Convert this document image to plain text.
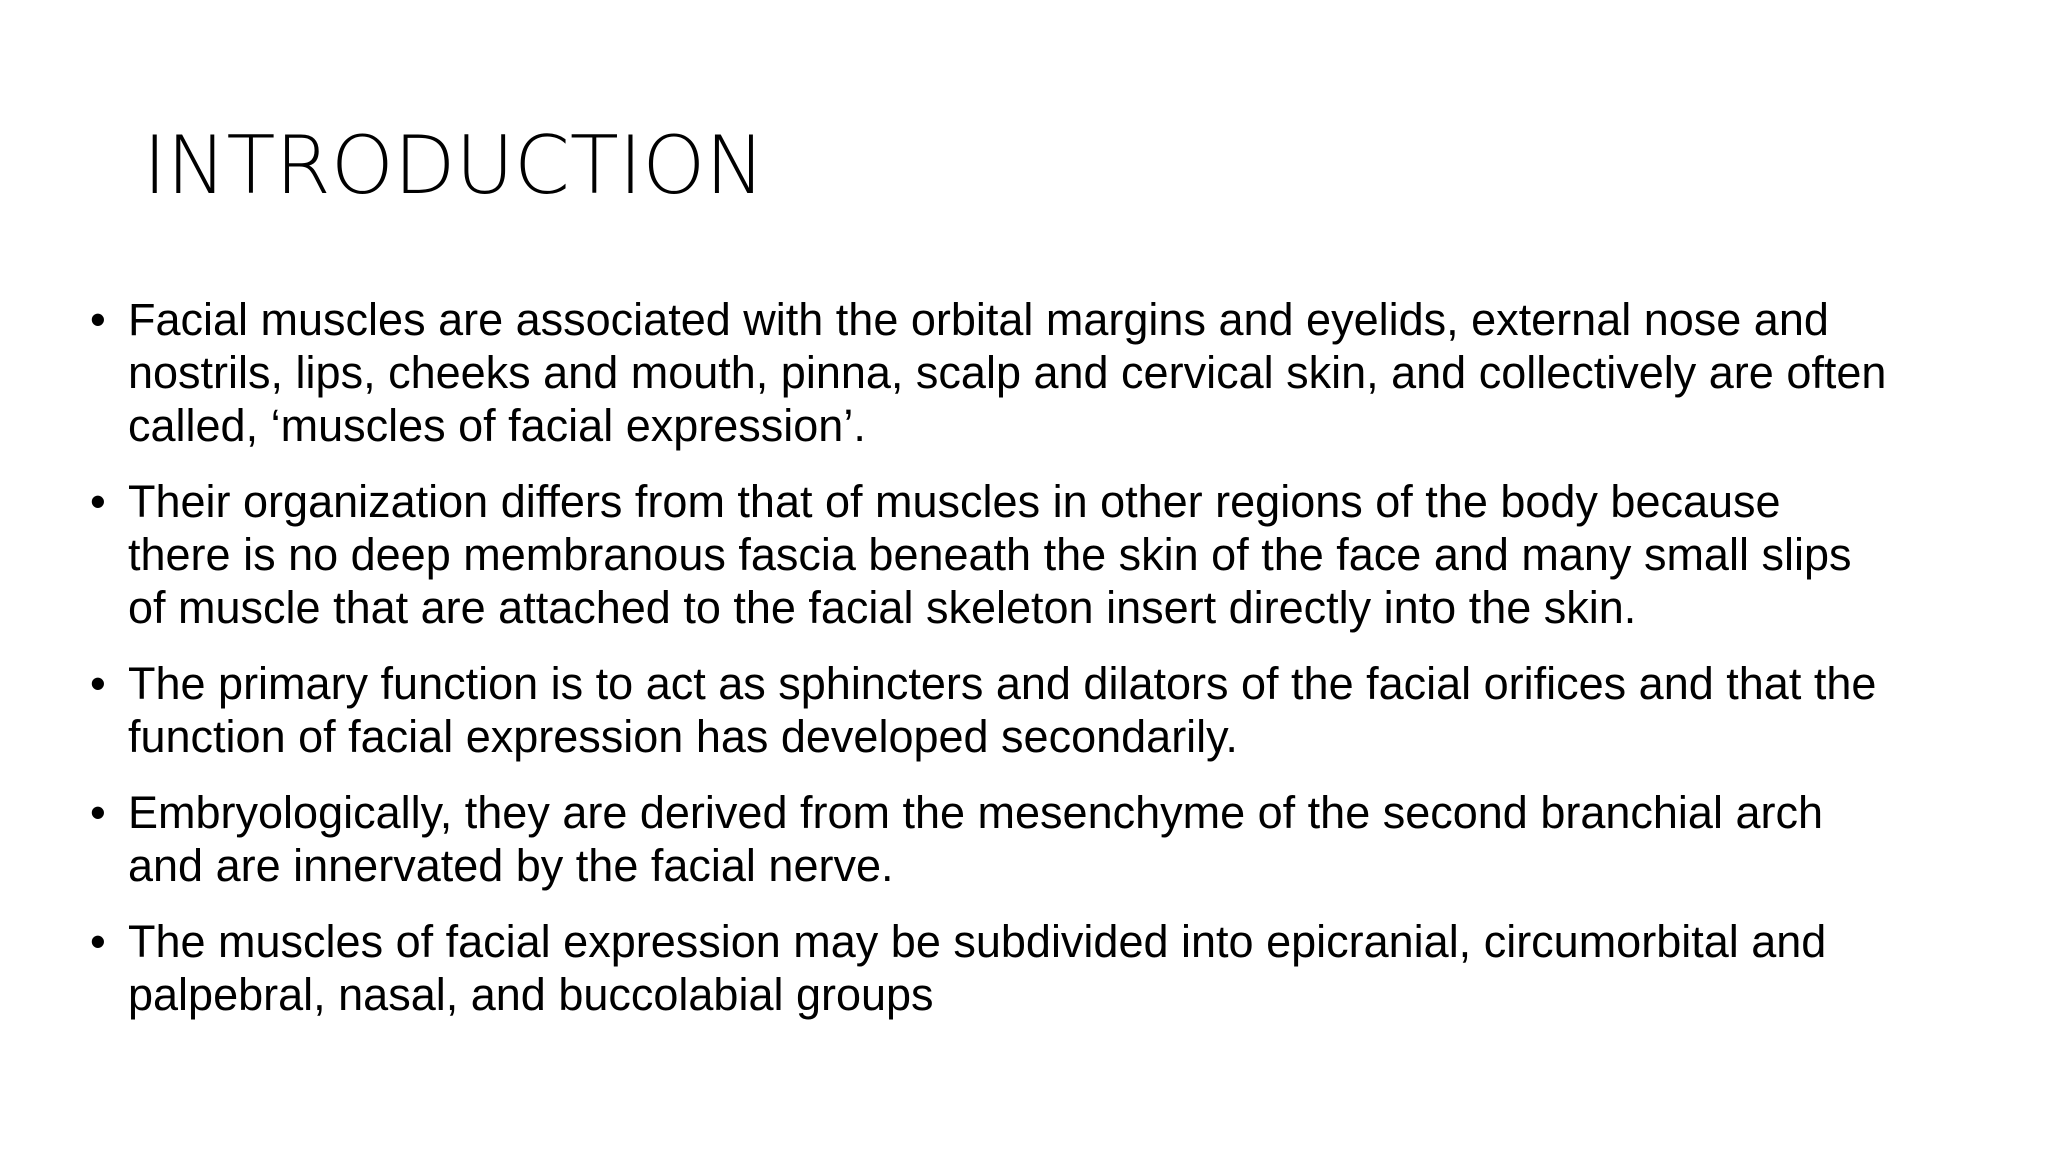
INTRODUCTION
• Facial muscles are associated with the orbital margins and eyelids, external nose and nostrils, lips, cheeks and mouth, pinna, scalp and cervical skin, and collectively are often called, ‘muscles of facial expression’.
• Their organization differs from that of muscles in other regions of the body because there is no deep membranous fascia beneath the skin of the face and many small slips of muscle that are attached to the facial skeleton insert directly into the skin.
• The primary function is to act as sphincters and dilators of the facial orifices and that the function of facial expression has developed secondarily.
• Embryologically, they are derived from the mesenchyme of the second branchial arch and are innervated by the facial nerve.
• The muscles of facial expression may be subdivided into epicranial, circumorbital and palpebral, nasal, and buccolabial groups
